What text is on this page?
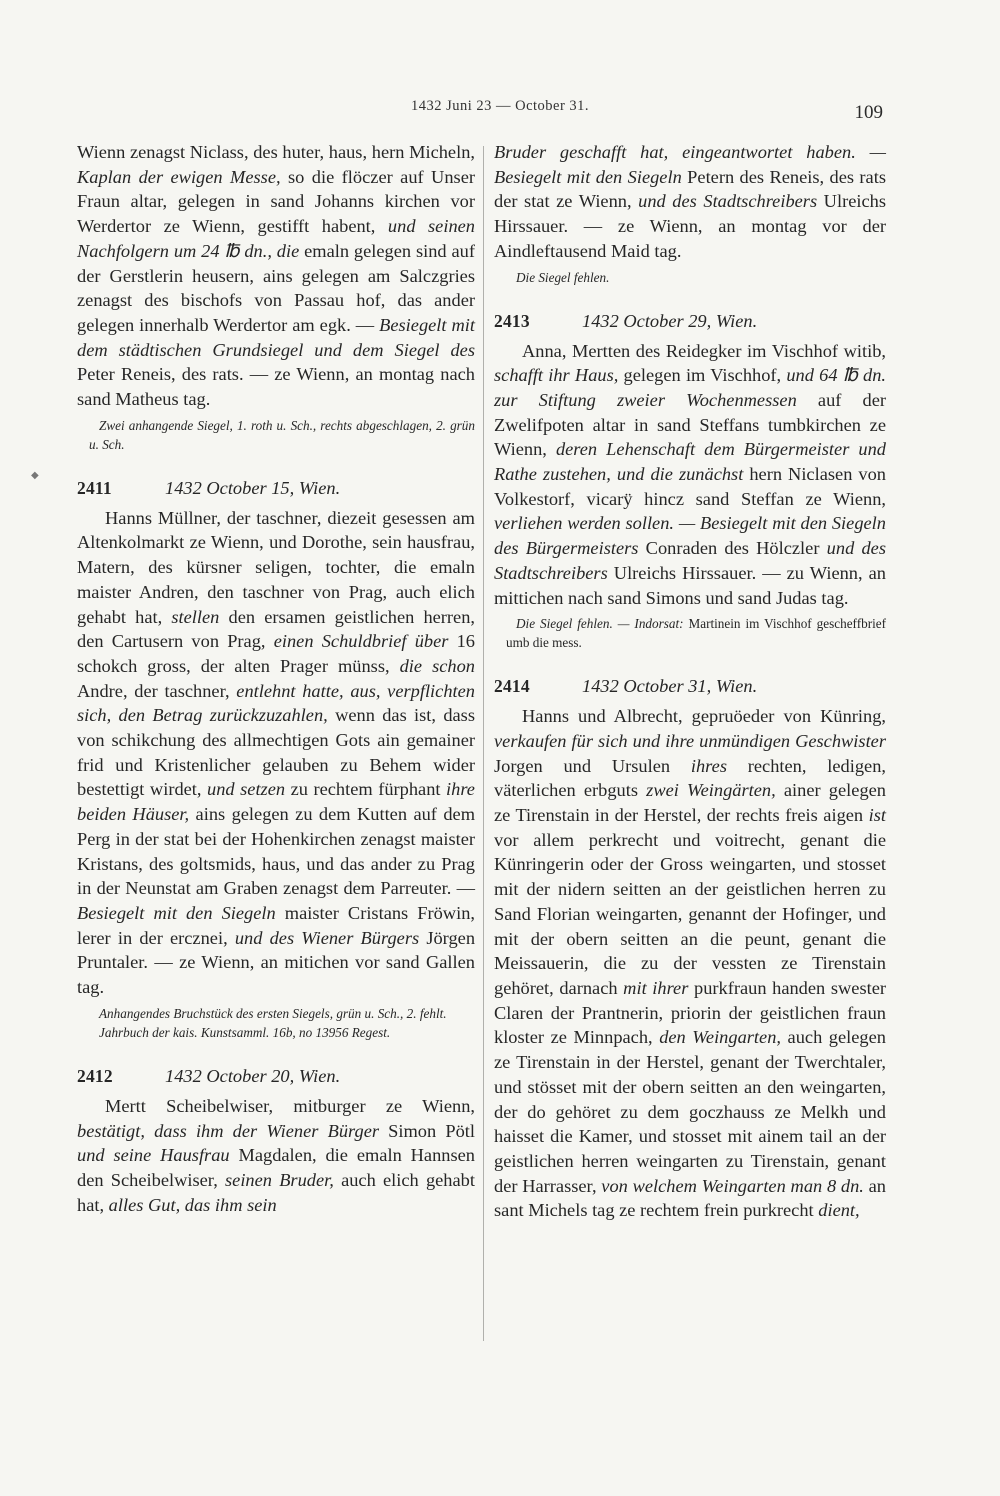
1432 Juni 23 — October 31.	109
◆

Wienn zenagst Niclass, des huter, haus, hern Micheln, Kaplan der ewigen Messe, so die flöczer auf Unser Fraun altar, gelegen in sand Johanns kirchen vor Werdertor ze Wienn, gestifft habent, und seinen Nachfolgern um 24 ℔ dn., die emaln gelegen sind auf der Gerstlerin heusern, ains gelegen am Salczgries zenagst des bischofs von Passau hof, das ander gelegen innerhalb Werdertor am egk. — Besiegelt mit dem städtischen Grundsiegel und dem Siegel des Peter Reneis, des rats. — ze Wienn, an montag nach sand Matheus tag.

Zwei anhangende Siegel, 1. roth u. Sch., rechts abgeschlagen, 2. grün u. Sch.

2411	1432 October 15, Wien.

Hanns Müllner, der taschner, diezeit gesessen am Altenkolmarkt ze Wienn, und Dorothe, sein hausfrau, Matern, des kürsner seligen, tochter, die emaln maister Andren, den taschner von Prag, auch elich gehabt hat, stellen den ersamen geistlichen herren, den Cartusern von Prag, einen Schuldbrief über 16 schokch gross, der alten Prager münss, die schon Andre, der taschner, entlehnt hatte, aus, verpflichten sich, den Betrag zurückzuzahlen, wenn das ist, dass von schikchung des allmechtigen Gots ain gemainer frid und Kristenlicher gelauben zu Behem wider bestettigt wirdet, und setzen zu rechtem fürphant ihre beiden Häuser, ains gelegen zu dem Kutten auf dem Perg in der stat bei der Hohenkirchen zenagst maister Kristans, des goltsmids, haus, und das ander zu Prag in der Neunstat am Graben zenagst dem Parreuter. — Besiegelt mit den Siegeln maister Cristans Fröwin, lerer in der ercznei, und des Wiener Bürgers Jörgen Pruntaler. — ze Wienn, an mitichen vor sand Gallen tag.

Anhangendes Bruchstück des ersten Siegels, grün u. Sch., 2. fehlt.

Jahrbuch der kais. Kunstsamml. 16b, no 13956 Regest.

2412	1432 October 20, Wien.

Mertt Scheibelwiser, mitburger ze Wienn, bestätigt, dass ihm der Wiener Bürger Simon Pötl und seine Hausfrau Magdalen, die emaln Hannsen den Scheibelwiser, seinen Bruder, auch elich gehabt hat, alles Gut, das ihm sein

Bruder geschafft hat, eingeantwortet haben. — Besiegelt mit den Siegeln Petern des Reneis, des rats der stat ze Wienn, und des Stadtschreibers Ulreichs Hirssauer. — ze Wienn, an montag vor der Aindleftausend Maid tag.

Die Siegel fehlen.

2413	1432 October 29, Wien.

Anna, Mertten des Reidegker im Vischhof witib, schafft ihr Haus, gelegen im Vischhof, und 64 ℔ dn. zur Stiftung zweier Wochenmessen auf der Zwelifpoten altar in sand Steffans tumbkirchen ze Wienn, deren Lehenschaft dem Bürgermeister und Rathe zustehen, und die zunächst hern Niclasen von Volkestorf, vicarÿ hincz sand Steffan ze Wienn, verliehen werden sollen. — Besiegelt mit den Siegeln des Bürgermeisters Conraden des Hölczler und des Stadtschreibers Ulreichs Hirssauer. — zu Wienn, an mittichen nach sand Simons und sand Judas tag.

Die Siegel fehlen. — Indorsat: Martinein im Vischhof gescheffbrief umb die mess.

2414	1432 October 31, Wien.

Hanns und Albrecht, gepruöeder von Künring, verkaufen für sich und ihre unmündigen Geschwister Jorgen und Ursulen ihres rechten, ledigen, väterlichen erbguts zwei Weingärten, ainer gelegen ze Tirenstain in der Herstel, der rechts freis aigen ist vor allem perkrecht und voitrecht, genant die Künringerin oder der Gross weingarten, und stosset mit der nidern seitten an der geistlichen herren zu Sand Florian weingarten, genannt der Hofinger, und mit der obern seitten an die peunt, genant die Meissauerin, die zu der vessten ze Tirenstain gehöret, darnach mit ihrer purkfraun handen swester Claren der Prantnerin, priorin der geistlichen fraun kloster ze Minnpach, den Weingarten, auch gelegen ze Tirenstain in der Herstel, genant der Twerchtaler, und stösset mit der obern seitten an den weingarten, der do gehöret zu dem goczhauss ze Melkh und haisset die Kamer, und stosset mit ainem tail an der geistlichen herren weingarten zu Tirenstain, genant der Harrasser, von welchem Weingarten man 8 dn. an sant Michels tag ze rechtem frein purkrecht dient,
